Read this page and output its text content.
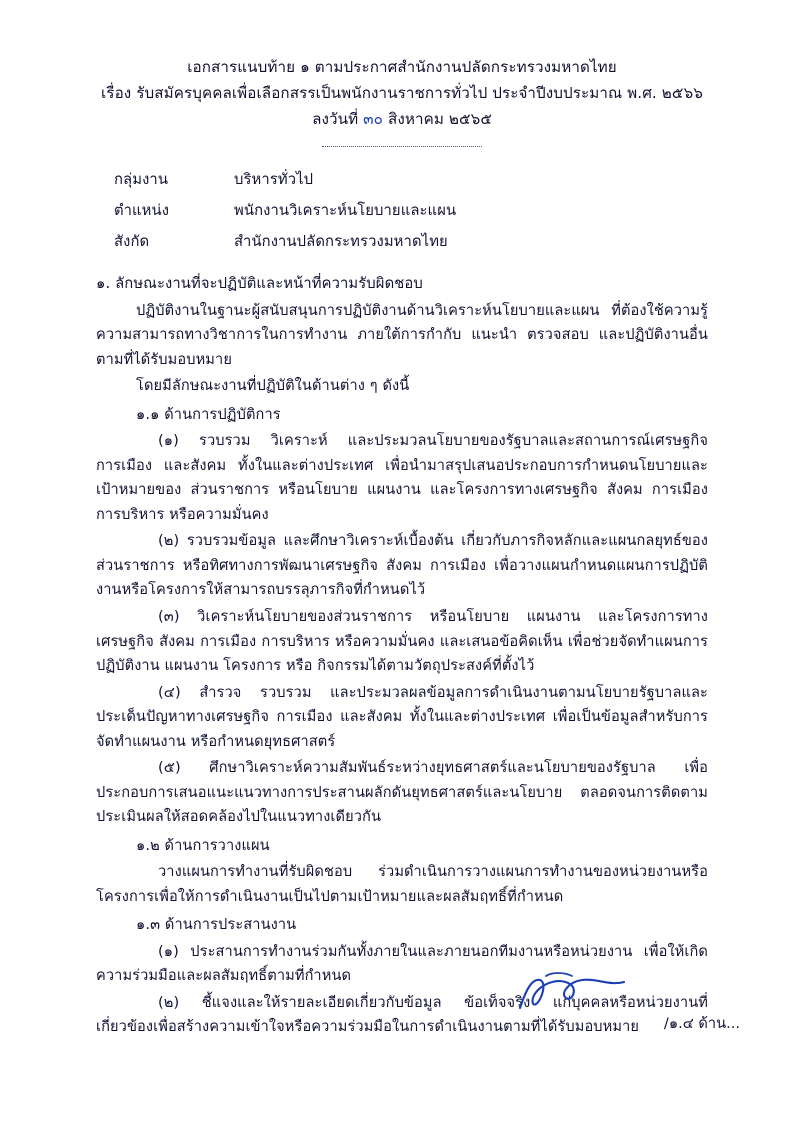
เอกสารแนบท้าย ๑ ตามประกาศสำนักงานปลัดกระทรวงมหาดไทย
เรื่อง รับสมัครบุคคลเพื่อเลือกสรรเป็นพนักงานราชการทั่วไป ประจำปีงบประมาณ พ.ศ. ๒๕๖๖
ลงวันที่ ๓๐ สิงหาคม ๒๕๖๕
กลุ่มงาน	บริหารทั่วไป
ตำแหน่ง	พนักงานวิเคราะห์นโยบายและแผน
สังกัด	สำนักงานปลัดกระทรวงมหาดไทย
๑. ลักษณะงานที่จะปฏิบัติและหน้าที่ความรับผิดชอบ
ปฏิบัติงานในฐานะผู้สนับสนุนการปฏิบัติงานด้านวิเคราะห์นโยบายและแผน ที่ต้องใช้ความรู้ ความสามารถทางวิชาการในการทำงาน ภายใต้การกำกับ แนะนำ ตรวจสอบ และปฏิบัติงานอื่นตามที่ได้รับมอบหมาย
โดยมีลักษณะงานที่ปฏิบัติในด้านต่าง ๆ ดังนี้
๑.๑ ด้านการปฏิบัติการ
(๑) รวบรวม วิเคราะห์ และประมวลนโยบายของรัฐบาลและสถานการณ์เศรษฐกิจ การเมือง และสังคม ทั้งในและต่างประเทศ เพื่อนำมาสรุปเสนอประกอบการกำหนดนโยบายและเป้าหมายของ ส่วนราชการ หรือนโยบาย แผนงาน และโครงการทางเศรษฐกิจ สังคม การเมือง การบริหาร หรือความมั่นคง
(๒) รวบรวมข้อมูล และศึกษาวิเคราะห์เบื้องต้น เกี่ยวกับภารกิจหลักและแผนกลยุทธ์ของส่วนราชการ หรือทิศทางการพัฒนาเศรษฐกิจ สังคม การเมือง เพื่อวางแผนกำหนดแผนการปฏิบัติงานหรือโครงการให้สามารถบรรลุภารกิจที่กำหนดไว้
(๓) วิเคราะห์นโยบายของส่วนราชการ หรือนโยบาย แผนงาน และโครงการทางเศรษฐกิจ สังคม การเมือง การบริหาร หรือความมั่นคง และเสนอข้อคิดเห็น เพื่อช่วยจัดทำแผนการปฏิบัติงาน แผนงาน โครงการ หรือ กิจกรรมได้ตามวัตถุประสงค์ที่ตั้งไว้
(๔) สำรวจ รวบรวม และประมวลผลข้อมูลการดำเนินงานตามนโยบายรัฐบาลและประเด็นปัญหาทางเศรษฐกิจ การเมือง และสังคม ทั้งในและต่างประเทศ เพื่อเป็นข้อมูลสำหรับการจัดทำแผนงาน หรือกำหนดยุทธศาสตร์
(๕) ศึกษาวิเคราะห์ความสัมพันธ์ระหว่างยุทธศาสตร์และนโยบายของรัฐบาล เพื่อประกอบการเสนอแนะแนวทางการประสานผลักดันยุทธศาสตร์และนโยบาย ตลอดจนการติดตามประเมินผลให้สอดคล้องไปในแนวทางเดียวกัน
๑.๒ ด้านการวางแผน
วางแผนการทำงานที่รับผิดชอบ ร่วมดำเนินการวางแผนการทำงานของหน่วยงานหรือโครงการเพื่อให้การดำเนินงานเป็นไปตามเป้าหมายและผลสัมฤทธิ์ที่กำหนด
๑.๓ ด้านการประสานงาน
(๑) ประสานการทำงานร่วมกันทั้งภายในและภายนอกทีมงานหรือหน่วยงาน เพื่อให้เกิดความร่วมมือและผลสัมฤทธิ์ตามที่กำหนด
(๒) ชี้แจงและให้รายละเอียดเกี่ยวกับข้อมูล ข้อเท็จจริง แก่บุคคลหรือหน่วยงานที่เกี่ยวข้องเพื่อสร้างความเข้าใจหรือความร่วมมือในการดำเนินงานตามที่ได้รับมอบหมาย	/๑.๔ ด้าน...
